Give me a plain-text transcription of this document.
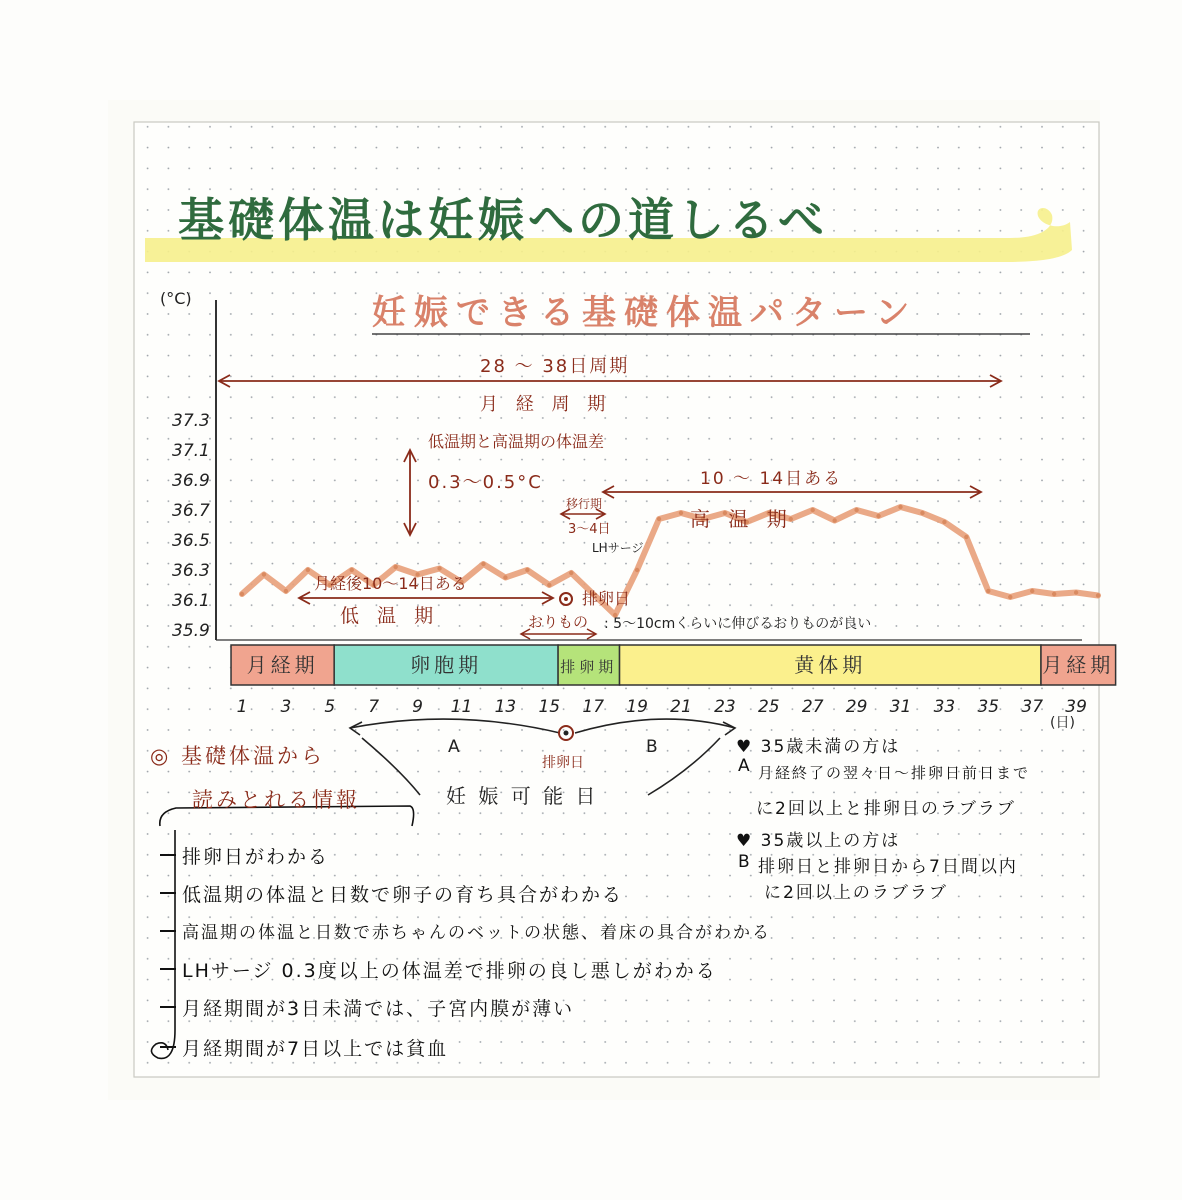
基礎体温は妊娠への道しるべ
妊娠できる基礎体温パターン
(°C)
(日)
37.3
37.1
36.9
36.7
36.5
36.3
36.1
35.9
月経期	卵胞期	排卵期	黄体期	月経期
1 3 5 7 9 11 13 15 17 19 21 23 25 27 29 31 33 35 37 39
28 〜 38日周期
月 経 周 期
低温期と高温期の体温差
0.3〜0.5°C	10 〜 14日ある
高 温 期
移行期
3〜4日
LHサージ
月経後10〜14日ある
低 温 期
排卵日
おりもの : 5〜10cmくらいに伸びるおりものが良い
A	B
排卵日
妊 娠 可 能 日
◎ 基礎体温から
読みとれる情報
排卵日がわかる
低温期の体温と日数で卵子の育ち具合がわかる
高温期の体温と日数で赤ちゃんのベットの状態、着床の具合がわかる
LHサージ 0.3度以上の体温差で排卵の良し悪しがわかる
月経期間が3日未満では、子宮内膜が薄い
月経期間が7日以上では貧血
♥ 35歳未満の方は
A 月経終了の翌々日〜排卵日前日まで
に2回以上と排卵日のラブラブ
♥ 35歳以上の方は
B 排卵日と排卵日から7日間以内
に2回以上のラブラブ
